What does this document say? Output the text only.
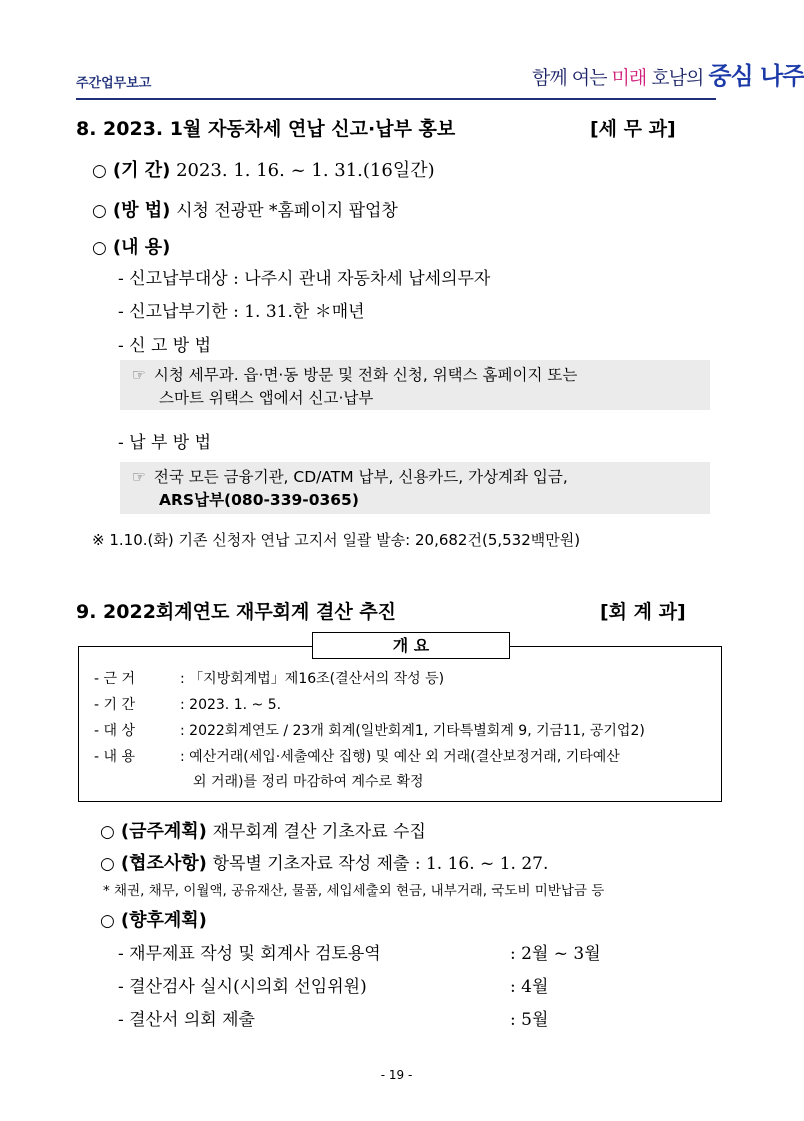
주간업무보고	함께 여는 미래 호남의 중심 나주
8. 2023. 1월 자동차세 연납 신고·납부 홍보	[세 무 과]
○ (기 간) 2023. 1. 16. ~ 1. 31.(16일간)
○ (방 법) 시청 전광판 *홈페이지 팝업창
○ (내 용)
- 신고납부대상 : 나주시 관내 자동차세 납세의무자
- 신고납부기한 : 1. 31.한 ＊매년
- 신 고 방 법
☞ 시청 세무과. 읍·면·동 방문 및 전화 신청, 위택스 홈페이지 또는
스마트 위택스 앱에서 신고·납부
- 납 부 방 법
☞ 전국 모든 금융기관, CD/ATM 납부, 신용카드, 가상계좌 입금,
ARS납부(080-339-0365)
※ 1.10.(화) 기존 신청자 연납 고지서 일괄 발송: 20,682건(5,532백만원)
9. 2022회계연도 재무회계 결산 추진	[회 계 과]
개 요
- 근 거	: 「지방회계법」제16조(결산서의 작성 등)
- 기 간	: 2023. 1. ~ 5.
- 대 상	: 2022회계연도 / 23개 회계(일반회계1, 기타특별회계 9, 기금11, 공기업2)
- 내 용	: 예산거래(세입·세출예산 집행) 및 예산 외 거래(결산보정거래, 기타예산
외 거래)를 정리 마감하여 계수로 확정
○ (금주계획) 재무회계 결산 기초자료 수집
○ (협조사항) 항목별 기초자료 작성 제출 : 1. 16. ~ 1. 27.
* 채권, 채무, 이월액, 공유재산, 물품, 세입세출외 현금, 내부거래, 국도비 미반납금 등
○ (향후계획)
- 재무제표 작성 및 회계사 검토용역	: 2월 ~ 3월
- 결산검사 실시(시의회 선임위원)	: 4월
- 결산서 의회 제출	: 5월
- 19 -
